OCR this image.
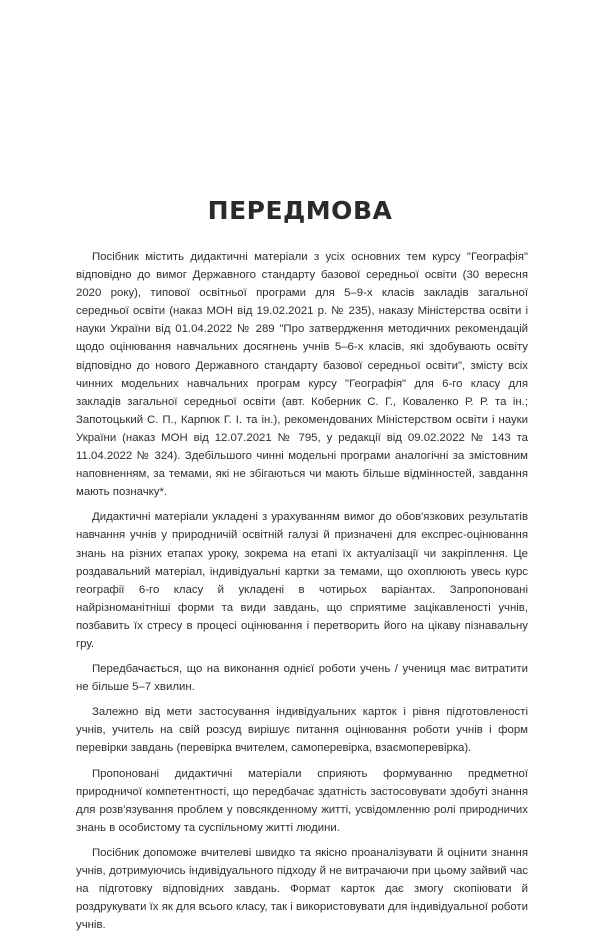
ПЕРЕДМОВА

Посібник містить дидактичні матеріали з усіх основних тем курсу "Географія" відповідно до вимог Державного стандарту базової середньої освіти (30 вересня 2020 року), типової освітньої програми для 5–9-х класів закладів загальної середньої освіти (наказ МОН від 19.02.2021 р. № 235), наказу Міністерства освіти і науки України від 01.04.2022 № 289 "Про затвердження методичних рекомендацій щодо оцінювання навчальних досягнень учнів 5–6-х класів, які здобувають освіту відповідно до нового Державного стандарту базової середньої освіти", змісту всіх чинних модельних навчальних програм курсу "Географія" для 6-го класу для закладів загальної середньої освіти (авт. Коберник С. Г., Коваленко Р. Р. та ін.; Запотоцький С. П., Карпюк Г. І. та ін.), рекомендованих Міністерством освіти і науки України (наказ МОН від 12.07.2021 № 795, у редакції від 09.02.2022 № 143 та 11.04.2022 № 324). Здебільшого чинні модельні програми аналогічні за змістовним наповненням, за темами, які не збігаються чи мають більше відмінностей, завдання мають позначку*.

Дидактичні матеріали укладені з урахуванням вимог до обов'язкових результатів навчання учнів у природничій освітній галузі й призначені для експрес-оцінювання знань на різних етапах уроку, зокрема на етапі їх актуалізації чи закріплення. Це роздавальний матеріал, індивідуальні картки за темами, що охоплюють увесь курс географії 6-го класу й укладені в чотирьох варіантах. Запропоновані найрізноманітніші форми та види завдань, що сприятиме зацікавленості учнів, позбавить їх стресу в процесі оцінювання і перетворить його на цікаву пізнавальну гру.

Передбачається, що на виконання однієї роботи учень / учениця має витратити не більше 5–7 хвилин.

Залежно від мети застосування індивідуальних карток і рівня підготовленості учнів, учитель на свій розсуд вирішує питання оцінювання роботи учнів і форм перевірки завдань (перевірка вчителем, самоперевірка, взаємоперевірка).

Пропоновані дидактичні матеріали сприяють формуванню предметної природничої компетентності, що передбачає здатність застосовувати здобуті знання для розв'язування проблем у повсякденному житті, усвідомленню ролі природничих знань в особистому та суспільному житті людини.

Посібник допоможе вчителеві швидко та якісно проаналізувати й оцінити знання учнів, дотримуючись індивідуального підходу й не витрачаючи при цьому зайвий час на підготовку відповідних завдань. Формат карток дає змогу скопіювати й роздрукувати їх як для всього класу, так і використовувати для індивідуальної роботи учнів.
